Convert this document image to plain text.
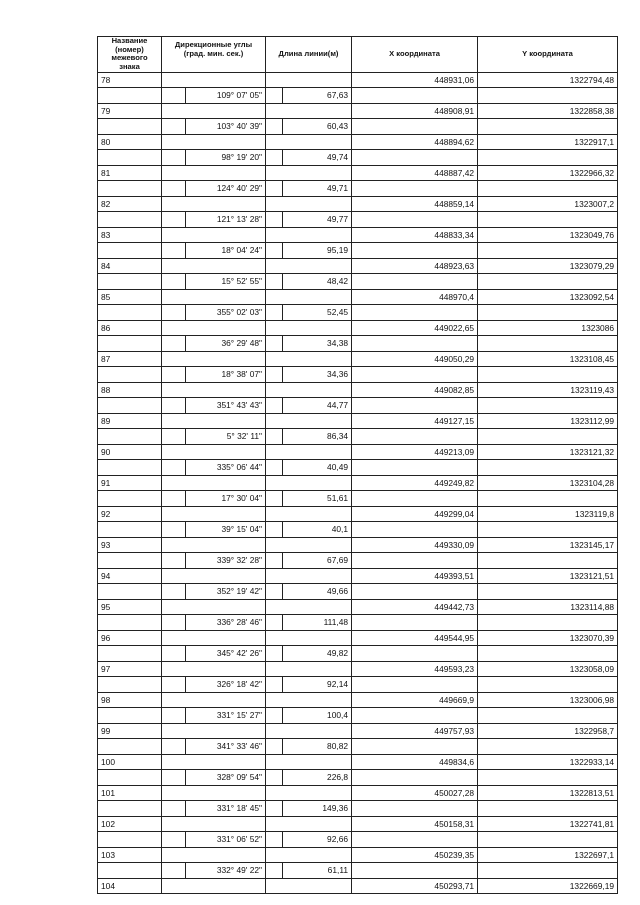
Название (номер) межевого знака	Дирекционные углы (град. мин. сек.)		Длина линии(м)		X координата	Y координата
78					448931,06	1322794,48
		109° 07' 05"		67,63		
79					448908,91	1322858,38
		103° 40' 39"		60,43		
80					448894,62	1322917,1
		98° 19' 20"		49,74		
81					448887,42	1322966,32
		124° 40' 29"		49,71		
82					448859,14	1323007,2
		121° 13' 28"		49,77		
83					448833,34	1323049,76
		18° 04' 24"		95,19		
84					448923,63	1323079,29
		15° 52' 55"		48,42		
85					448970,4	1323092,54
		355° 02' 03"		52,45		
86					449022,65	1323086
		36° 29' 48"		34,38		
87					449050,29	1323108,45
		18° 38' 07"		34,36		
88					449082,85	1323119,43
		351° 43' 43"		44,77		
89					449127,15	1323112,99
		5° 32' 11"		86,34		
90					449213,09	1323121,32
		335° 06' 44"		40,49		
91					449249,82	1323104,28
		17° 30' 04"		51,61		
92					449299,04	1323119,8
		39° 15' 04"		40,1		
93					449330,09	1323145,17
		339° 32' 28"		67,69		
94					449393,51	1323121,51
		352° 19' 42"		49,66		
95					449442,73	1323114,88
		336° 28' 46"		111,48		
96					449544,95	1323070,39
		345° 42' 26"		49,82		
97					449593,23	1323058,09
		326° 18' 42"		92,14		
98					449669,9	1323006,98
		331° 15' 27"		100,4		
99					449757,93	1322958,7
		341° 33' 46"		80,82		
100					449834,6	1322933,14
		328° 09' 54"		226,8		
101					450027,28	1322813,51
		331° 18' 45"		149,36		
102					450158,31	1322741,81
		331° 06' 52"		92,66		
103					450239,35	1322697,1
		332° 49' 22"		61,11		
104					450293,71	1322669,19
